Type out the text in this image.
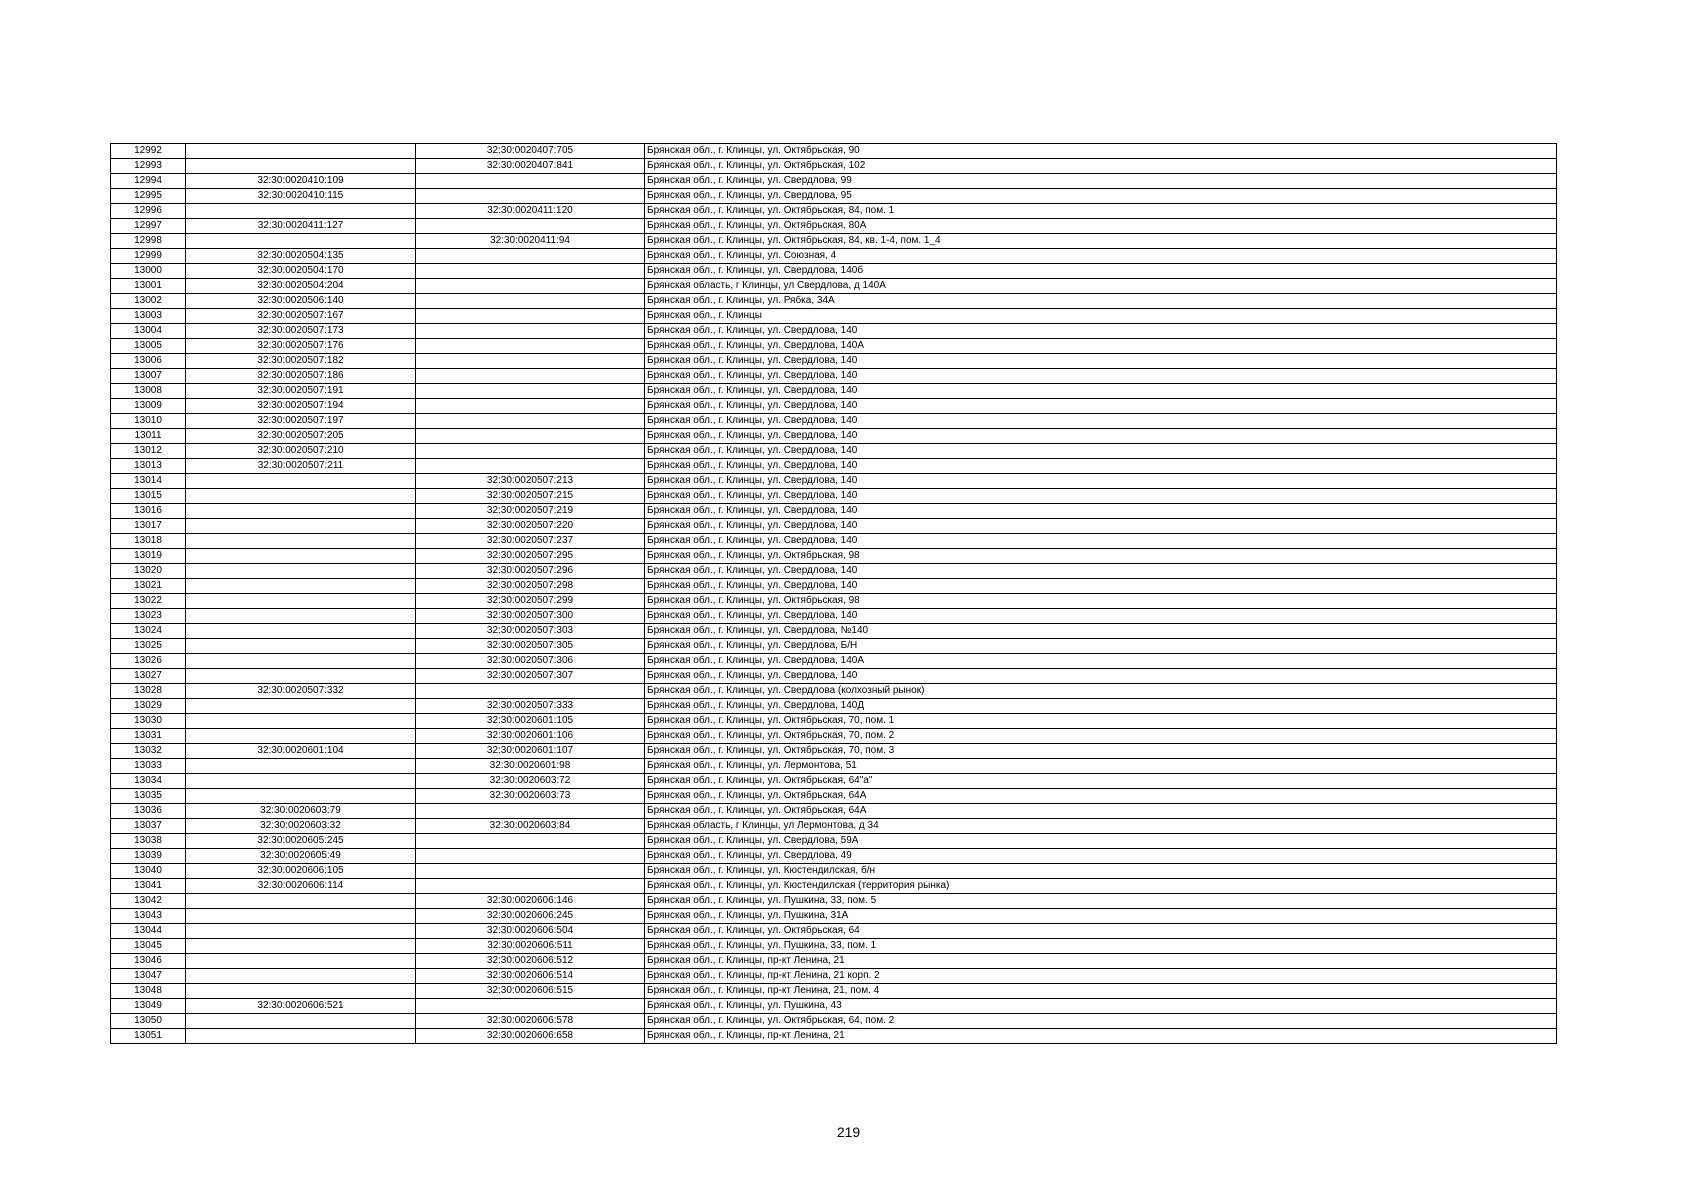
12992		32:30:0020407:705	Брянская обл., г. Клинцы, ул. Октябрьская, 90
12993		32:30:0020407:841	Брянская обл., г. Клинцы, ул. Октябрьская, 102
12994	32:30:0020410:109		Брянская обл., г. Клинцы, ул. Свердлова, 99
12995	32:30:0020410:115		Брянская обл., г. Клинцы, ул. Свердлова, 95
12996		32:30:0020411:120	Брянская обл., г. Клинцы, ул. Октябрьская, 84, пом. 1
12997	32:30:0020411:127		Брянская обл., г. Клинцы, ул. Октябрьская, 80А
12998		32:30:0020411:94	Брянская обл., г. Клинцы, ул. Октябрьская, 84, кв. 1-4, пом. 1_4
12999	32:30:0020504:135		Брянская обл., г. Клинцы, ул. Союзная, 4
13000	32:30:0020504:170		Брянская обл., г. Клинцы, ул. Свердлова, 140б
13001	32:30:0020504:204		Брянская область, г Клинцы, ул Свердлова, д 140А
13002	32:30:0020506:140		Брянская обл., г. Клинцы, ул. Рябка, 34А
13003	32:30:0020507:167		Брянская обл., г. Клинцы
13004	32:30:0020507:173		Брянская обл., г. Клинцы, ул. Свердлова, 140
13005	32:30:0020507:176		Брянская обл., г. Клинцы, ул. Свердлова, 140А
13006	32:30:0020507:182		Брянская обл., г. Клинцы, ул. Свердлова, 140
13007	32:30:0020507:186		Брянская обл., г. Клинцы, ул. Свердлова, 140
13008	32:30:0020507:191		Брянская обл., г. Клинцы, ул. Свердлова, 140
13009	32:30:0020507:194		Брянская обл., г. Клинцы, ул. Свердлова, 140
13010	32:30:0020507:197		Брянская обл., г. Клинцы, ул. Свердлова, 140
13011	32:30:0020507:205		Брянская обл., г. Клинцы, ул. Свердлова, 140
13012	32:30:0020507:210		Брянская обл., г. Клинцы, ул. Свердлова, 140
13013	32:30:0020507:211		Брянская обл., г. Клинцы, ул. Свердлова, 140
13014		32:30:0020507:213	Брянская обл., г. Клинцы, ул. Свердлова, 140
13015		32:30:0020507:215	Брянская обл., г. Клинцы, ул. Свердлова, 140
13016		32:30:0020507:219	Брянская обл., г. Клинцы, ул. Свердлова, 140
13017		32:30:0020507:220	Брянская обл., г. Клинцы, ул. Свердлова, 140
13018		32:30:0020507:237	Брянская обл., г. Клинцы, ул. Свердлова, 140
13019		32:30:0020507:295	Брянская обл., г. Клинцы, ул. Октябрьская, 98
13020		32:30:0020507:296	Брянская обл., г. Клинцы, ул. Свердлова, 140
13021		32:30:0020507:298	Брянская обл., г. Клинцы, ул. Свердлова, 140
13022		32:30:0020507:299	Брянская обл., г. Клинцы, ул. Октябрьская, 98
13023		32:30:0020507:300	Брянская обл., г. Клинцы, ул. Свердлова, 140
13024		32:30:0020507:303	Брянская обл., г. Клинцы, ул. Свердлова, №140
13025		32:30:0020507:305	Брянская обл., г. Клинцы, ул. Свердлова, Б/Н
13026		32:30:0020507:306	Брянская обл., г. Клинцы, ул. Свердлова, 140А
13027		32:30:0020507:307	Брянская обл., г. Клинцы, ул. Свердлова, 140
13028	32:30:0020507:332		Брянская обл., г. Клинцы, ул. Свердлова (колхозный рынок)
13029		32:30:0020507:333	Брянская обл., г. Клинцы, ул. Свердлова, 140Д
13030		32:30:0020601:105	Брянская обл., г. Клинцы, ул. Октябрьская, 70, пом. 1
13031		32:30:0020601:106	Брянская обл., г. Клинцы, ул. Октябрьская, 70, пом. 2
13032	32:30:0020601:104	32:30:0020601:107	Брянская обл., г. Клинцы, ул. Октябрьская, 70, пом. 3
13033		32:30:0020601:98	Брянская обл., г. Клинцы, ул. Лермонтова, 51
13034		32:30:0020603:72	Брянская обл., г. Клинцы, ул. Октябрьская, 64"а"
13035		32:30:0020603:73	Брянская обл., г. Клинцы, ул. Октябрьская, 64А
13036	32:30:0020603:79		Брянская обл., г. Клинцы, ул. Октябрьская, 64А
13037	32:30:0020603:32	32:30:0020603:84	Брянская область, г Клинцы, ул Лермонтова, д 34
13038	32:30:0020605:245		Брянская обл., г. Клинцы, ул. Свердлова, 59А
13039	32:30:0020605:49		Брянская обл., г. Клинцы, ул. Свердлова, 49
13040	32:30:0020606:105		Брянская обл., г. Клинцы, ул. Кюстендилская, б/н
13041	32:30:0020606:114		Брянская обл., г. Клинцы, ул. Кюстендилская (территория рынка)
13042		32:30:0020606:146	Брянская обл., г. Клинцы, ул. Пушкина, 33, пом. 5
13043		32:30:0020606:245	Брянская обл., г. Клинцы, ул. Пушкина, 31А
13044		32:30:0020606:504	Брянская обл., г. Клинцы, ул. Октябрьская, 64
13045		32:30:0020606:511	Брянская обл., г. Клинцы, ул. Пушкина, 33, пом. 1
13046		32:30:0020606:512	Брянская обл., г. Клинцы, пр-кт Ленина, 21
13047		32:30:0020606:514	Брянская обл., г. Клинцы, пр-кт Ленина, 21 корп. 2
13048		32:30:0020606:515	Брянская обл., г. Клинцы, пр-кт Ленина, 21, пом. 4
13049	32:30:0020606:521		Брянская обл., г. Клинцы, ул. Пушкина, 43
13050		32:30:0020606:578	Брянская обл., г. Клинцы, ул. Октябрьская, 64, пом. 2
13051		32:30:0020606:658	Брянская обл., г. Клинцы, пр-кт Ленина, 21
219
